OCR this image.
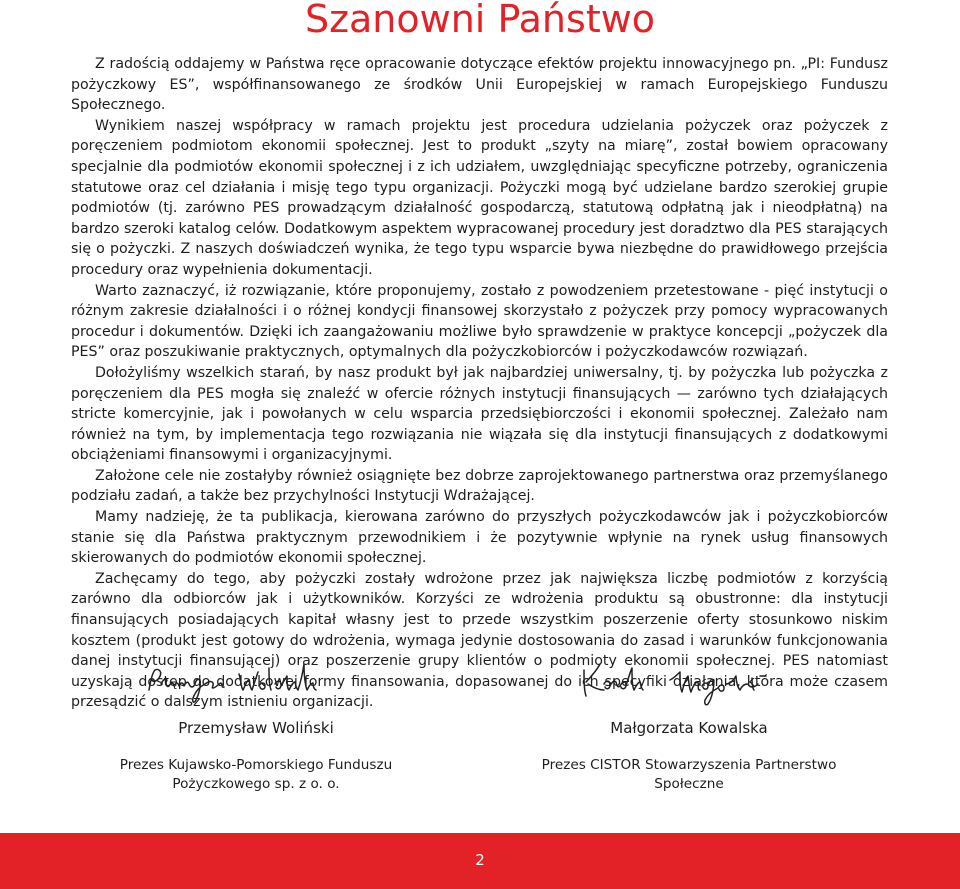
Szanowni Państwo

Z radością oddajemy w Państwa ręce opracowanie dotyczące efektów projektu innowacyjnego pn. „PI: Fundusz pożyczkowy ES”, współfinansowanego ze środków Unii Europejskiej w ramach Europejskiego Funduszu Społecznego.

Wynikiem naszej współpracy w ramach projektu jest procedura udzielania pożyczek oraz pożyczek z poręczeniem podmiotom ekonomii społecznej. Jest to produkt „szyty na miarę”, został bowiem opracowany specjalnie dla podmiotów ekonomii społecznej i z ich udziałem, uwzględniając specyficzne potrzeby, ograniczenia statutowe oraz cel działania i misję tego typu organizacji. Pożyczki mogą być udzielane bardzo szerokiej grupie podmiotów (tj. zarówno PES prowadzącym działalność gospodarczą, statutową odpłatną jak i nieodpłatną) na bardzo szeroki katalog celów. Dodatkowym aspektem wypracowanej procedury jest doradztwo dla PES starających się o pożyczki. Z naszych doświadczeń wynika, że tego typu wsparcie bywa niezbędne do prawidłowego przejścia procedury oraz wypełnienia dokumentacji.

Warto zaznaczyć, iż rozwiązanie, które proponujemy, zostało z powodzeniem przetestowane - pięć instytucji o różnym zakresie działalności i o różnej kondycji finansowej skorzystało z pożyczek przy pomocy wypracowanych procedur i dokumentów. Dzięki ich zaangażowaniu możliwe było sprawdzenie w praktyce koncepcji „pożyczek dla PES” oraz poszukiwanie praktycznych, optymalnych dla pożyczkobiorców i pożyczkodawców rozwiązań.

Dołożyliśmy wszelkich starań, by nasz produkt był jak najbardziej uniwersalny, tj. by pożyczka lub pożyczka z poręczeniem dla PES mogła się znaleźć w ofercie różnych instytucji finansujących — zarówno tych działających stricte komercyjnie, jak i powołanych w celu wsparcia przedsiębiorczości i ekonomii społecznej. Zależało nam również na tym, by implementacja tego rozwiązania nie wiązała się dla instytucji finansujących z dodatkowymi obciążeniami finansowymi i organizacyjnymi.

Założone cele nie zostałyby również osiągnięte bez dobrze zaprojektowanego partnerstwa oraz przemyślanego podziału zadań, a także bez przychylności Instytucji Wdrażającej.

Mamy nadzieję, że ta publikacja, kierowana zarówno do przyszłych pożyczkodawców jak i pożyczkobiorców stanie się dla Państwa praktycznym przewodnikiem i że pozytywnie wpłynie na rynek usług finansowych skierowanych do podmiotów ekonomii społecznej.

Zachęcamy do tego, aby pożyczki zostały wdrożone przez jak największa liczbę podmiotów z korzyścią zarówno dla odbiorców jak i użytkowników. Korzyści ze wdrożenia produktu są obustronne: dla instytucji finansujących posiadających kapitał własny jest to przede wszystkim poszerzenie oferty stosunkowo niskim kosztem (produkt jest gotowy do wdrożenia, wymaga jedynie dostosowania do zasad i warunków funkcjonowania danej instytucji finansującej) oraz poszerzenie grupy klientów o podmioty ekonomii społecznej. PES natomiast uzyskają dostęp do dodatkowej formy finansowania, dopasowanej do ich specyfiki działania, która może czasem przesądzić o dalszym istnieniu organizacji.

Przemysław Woliński
Prezes Kujawsko-Pomorskiego Funduszu
Pożyczkowego sp. z o. o.
Małgorzata Kowalska
Prezes CISTOR Stowarzyszenia Partnerstwo
Społeczne
2
